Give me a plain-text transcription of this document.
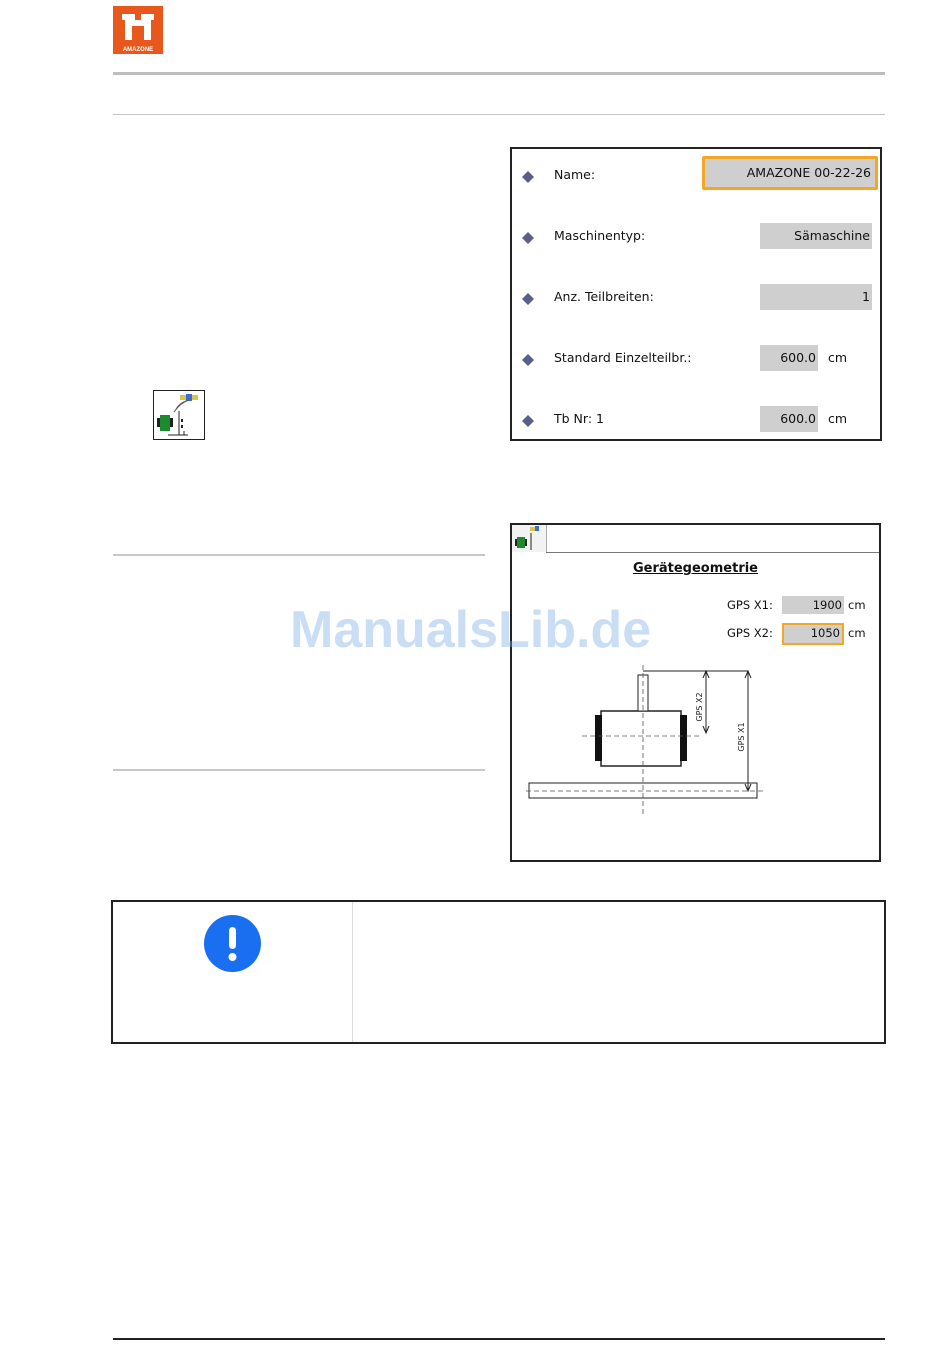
AMAZONE
Name:	AMAZONE 00-22-26
Maschinentyp:	Sämaschine
Anz. Teilbreiten:	1
Standard Einzelteilbr.:	600.0 cm
Tb Nr: 1	600.0 cm
Gerätegeometrie
GPS X1:	1900 cm
GPS X2:	1050 cm
GPS X2
GPS X1
ManualsLib.de
